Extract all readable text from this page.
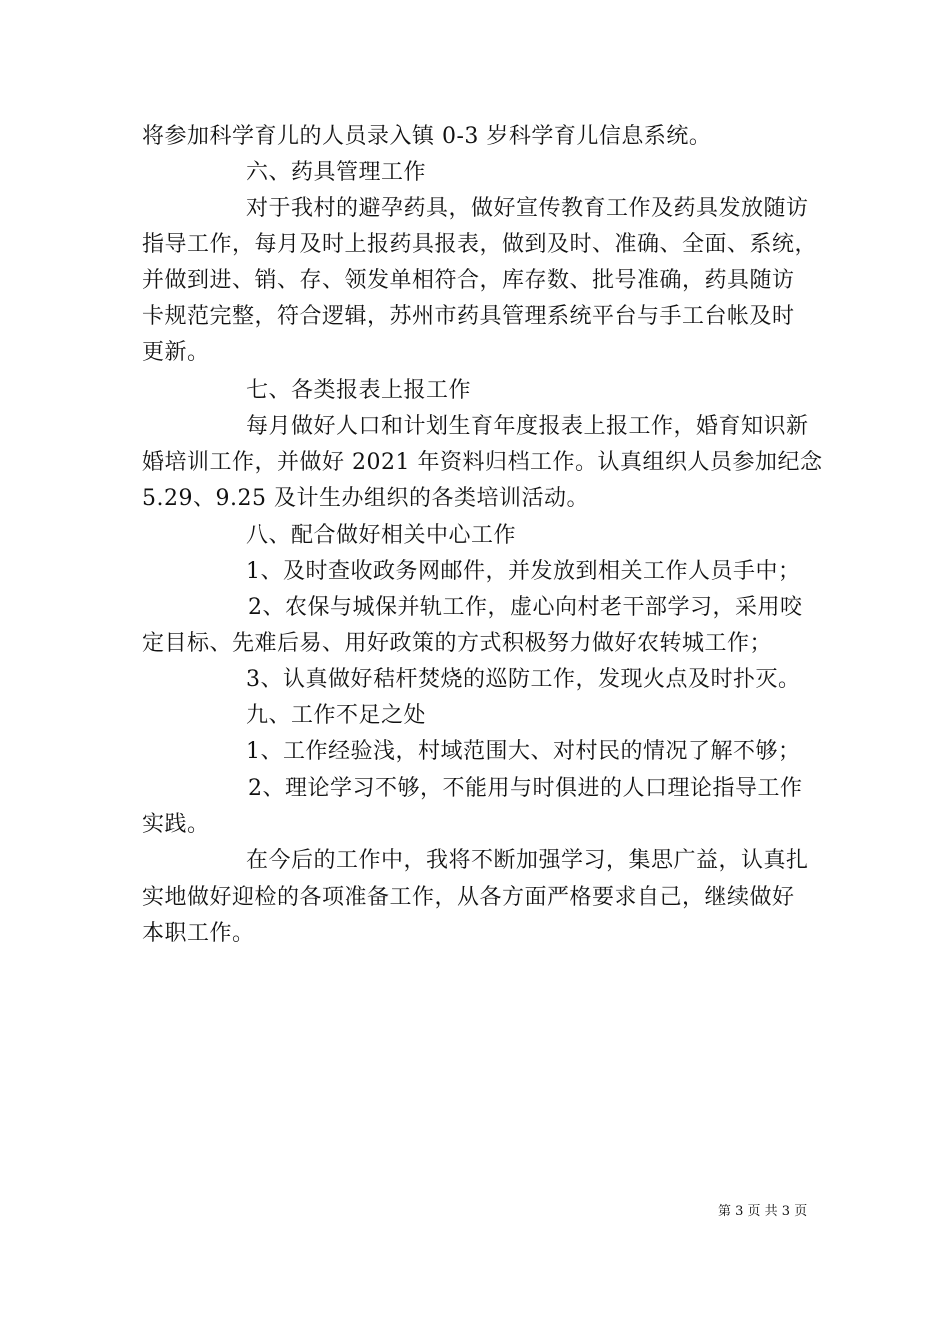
将参加科学育儿的人员录入镇 0-3 岁科学育儿信息系统。
六、药具管理工作
对于我村的避孕药具，做好宣传教育工作及药具发放随访
指导工作，每月及时上报药具报表，做到及时、准确、全面、系统，
并做到进、销、存、领发单相符合，库存数、批号准确，药具随访
卡规范完整，符合逻辑，苏州市药具管理系统平台与手工台帐及时
更新。
七、各类报表上报工作
每月做好人口和计划生育年度报表上报工作，婚育知识新
婚培训工作，并做好 2021 年资料归档工作。认真组织人员参加纪念
5.29、9.25 及计生办组织的各类培训活动。
八、配合做好相关中心工作
1、及时查收政务网邮件，并发放到相关工作人员手中；
2、农保与城保并轨工作，虚心向村老干部学习，采用咬
定目标、先难后易、用好政策的方式积极努力做好农转城工作；
3、认真做好秸杆焚烧的巡防工作，发现火点及时扑灭。
九、工作不足之处
1、工作经验浅，村域范围大、对村民的情况了解不够；
2、理论学习不够，不能用与时俱进的人口理论指导工作
实践。
在今后的工作中，我将不断加强学习，集思广益，认真扎
实地做好迎检的各项准备工作，从各方面严格要求自己，继续做好
本职工作。
第 3 页 共 3 页
